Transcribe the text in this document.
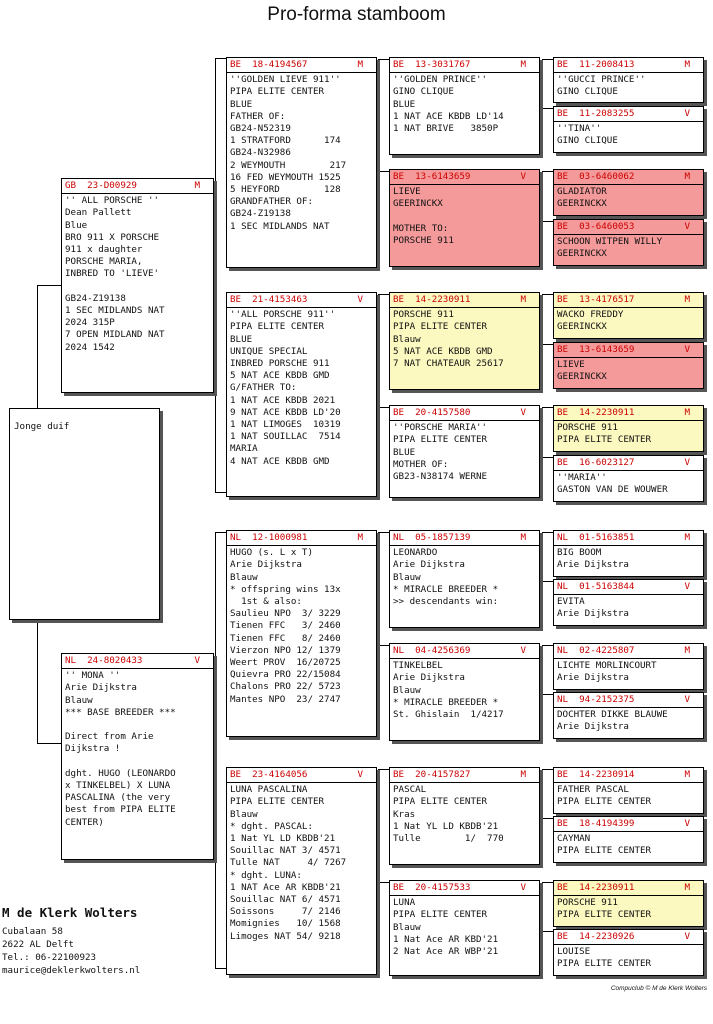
Pro-forma stamboom
Jonge duif
GB  23-D00929	M
'' ALL PORSCHE ''
Dean Pallett
Blue
BRO 911 X PORSCHE
911 x daughter
PORSCHE MARIA,
INBRED TO 'LIEVE'

GB24-Z19138
1 SEC MIDLANDS NAT
2024 315P
7 OPEN MIDLAND NAT
2024 1542
NL  24-8020433	V
'' MONA ''
Arie Dijkstra
Blauw
*** BASE BREEDER ***

Direct from Arie
Dijkstra !

dght. HUGO (LEONARDO
x TINKELBEL) X LUNA
PASCALINA (the very
best from PIPA ELITE
CENTER)
BE  18-4194567	M
''GOLDEN LIEVE 911''
PIPA ELITE CENTER
BLUE
FATHER OF:
GB24-N52319
1 STRATFORD      174
GB24-N32986
2 WEYMOUTH        217
16 FED WEYMOUTH 1525
5 HEYFORD        128
GRANDFATHER OF:
GB24-Z19138
1 SEC MIDLANDS NAT
BE  21-4153463	V
''ALL PORSCHE 911''
PIPA ELITE CENTER
BLUE
UNIQUE SPECIAL
INBRED PORSCHE 911
5 NAT ACE KBDB GMD
G/FATHER TO:
1 NAT ACE KBDB 2021
9 NAT ACE KBDB LD'20
1 NAT LIMOGES  10319
1 NAT SOUILLAC  7514
MARIA
4 NAT ACE KBDB GMD
NL  12-1000981	M
HUGO (s. L x T)
Arie Dijkstra
Blauw
* offspring wins 13x
1st & also:
Saulieu NPO  3/ 3229
Tienen FFC   3/ 2460
Tienen FFC   8/ 2460
Vierzon NPO 12/ 1379
Weert PROV  16/20725
Quievra PRO 22/15084
Chalons PRO 22/ 5723
Mantes NPO  23/ 2747
BE  23-4164056	V
LUNA PASCALINA
PIPA ELITE CENTER
Blauw
* dght. PASCAL:
1 Nat YL LD KBDB'21
Souillac NAT 3/ 4571
Tulle NAT     4/ 7267
* dght. LUNA:
1 NAT Ace AR KBDB'21
Souillac NAT 6/ 4571
Soissons     7/ 2146
Momignies   10/ 1568
Limoges NAT 54/ 9218
BE  13-3031767	M
''GOLDEN PRINCE''
GINO CLIQUE
BLUE
1 NAT ACE KBDB LD'14
1 NAT BRIVE   3850P
BE  13-6143659	V
LIEVE
GEERINCKX

MOTHER TO:
PORSCHE 911
BE  14-2230911	M
PORSCHE 911
PIPA ELITE CENTER
Blauw
5 NAT ACE KBDB GMD
7 NAT CHATEAUR 25617
BE  20-4157580	V
''PORSCHE MARIA''
PIPA ELITE CENTER
BLUE
MOTHER OF:
GB23-N38174 WERNE
NL  05-1857139	M
LEONARDO
Arie Dijkstra
Blauw
* MIRACLE BREEDER *
>> descendants win:
NL  04-4256369	V
TINKELBEL
Arie Dijkstra
Blauw
* MIRACLE BREEDER *
St. Ghislain  1/4217
BE  20-4157827	M
PASCAL
PIPA ELITE CENTER
Kras
1 Nat YL LD KBDB'21
Tulle        1/  770
BE  20-4157533	V
LUNA
PIPA ELITE CENTER
Blauw
1 Nat Ace AR KBD'21
2 Nat Ace AR WBP'21
BE  11-2008413	M
''GUCCI PRINCE''
GINO CLIQUE
BE  11-2083255	V
''TINA''
GINO CLIQUE
BE  03-6460062	M
GLADIATOR
GEERINCKX
BE  03-6460053	V
SCHOON WITPEN WILLY
GEERINCKX
BE  13-4176517	M
WACKO FREDDY
GEERINCKX
BE  13-6143659	V
LIEVE
GEERINCKX
BE  14-2230911	M
PORSCHE 911
PIPA ELITE CENTER
BE  16-6023127	V
''MARIA''
GASTON VAN DE WOUWER
NL  01-5163851	M
BIG BOOM
Arie Dijkstra
NL  01-5163844	V
EVITA
Arie Dijkstra
NL  02-4225807	M
LICHTE MORLINCOURT
Arie Dijkstra
NL  94-2152375	V
DOCHTER DIKKE BLAUWE
Arie Dijkstra
BE  14-2230914	M
FATHER PASCAL
PIPA ELITE CENTER
BE  18-4194399	V
CAYMAN
PIPA ELITE CENTER
BE  14-2230911	M
PORSCHE 911
PIPA ELITE CENTER
BE  14-2230926	V
LOUISE
PIPA ELITE CENTER
M de Klerk Wolters
Cubalaan 58
2622 AL Delft
Tel.: 06-22100923
maurice@deklerkwolters.nl
Compuclub © M de Klerk Wolters
